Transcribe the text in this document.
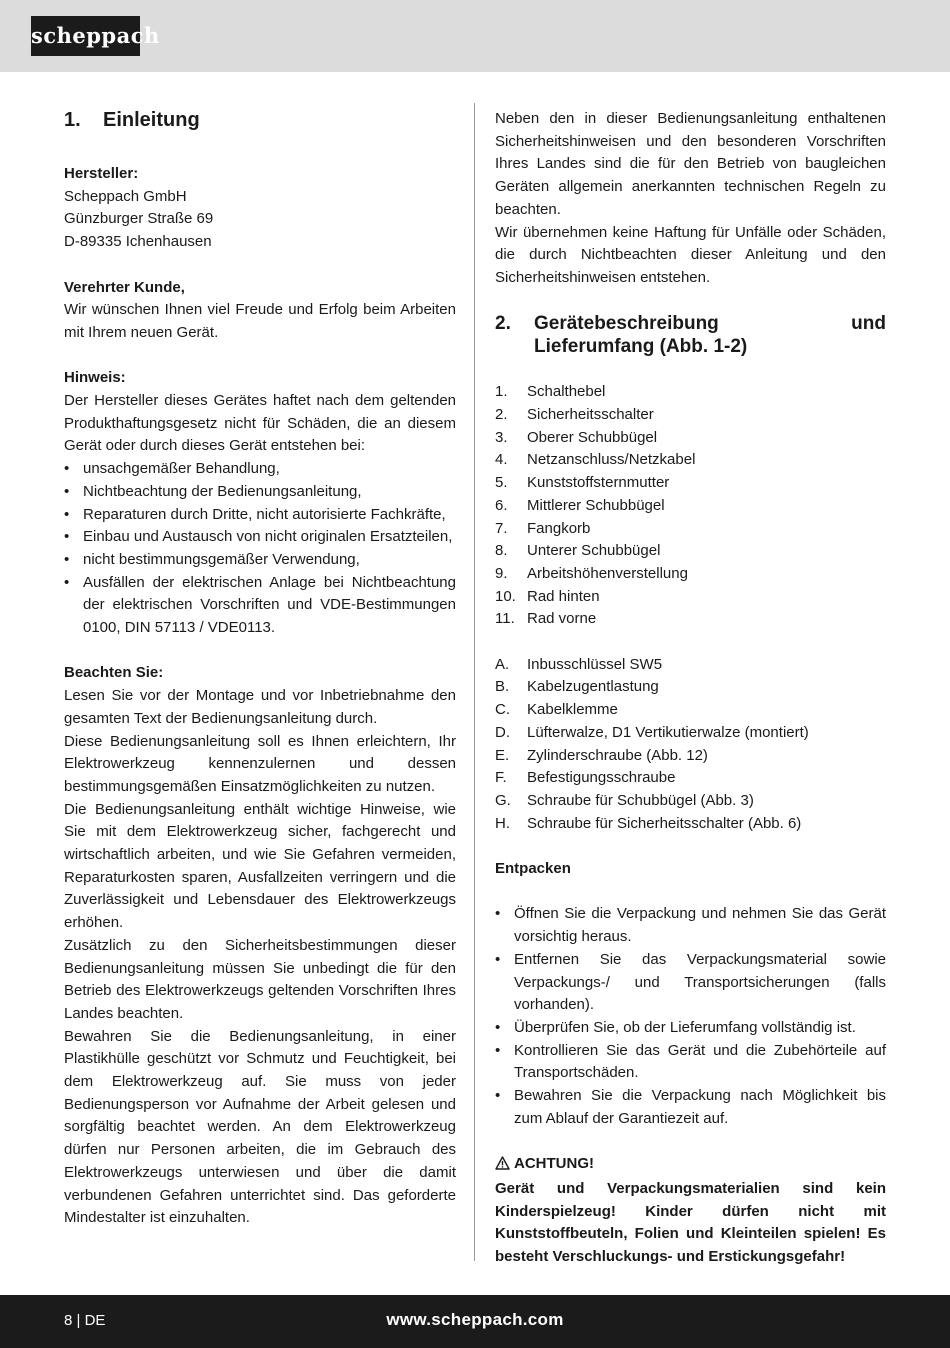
scheppach
1.	Einleitung

Hersteller:

Scheppach GmbH

Günzburger Straße 69

D-89335 Ichenhausen

Verehrter Kunde,

Wir wünschen Ihnen viel Freude und Erfolg beim Arbeiten mit Ihrem neuen Gerät.

Hinweis:

Der Hersteller dieses Gerätes haftet nach dem geltenden Produkthaftungsgesetz nicht für Schäden, die an diesem Gerät oder durch dieses Gerät entstehen bei:

• unsachgemäßer Behandlung,
• Nichtbeachtung der Bedienungsanleitung,
• Reparaturen durch Dritte, nicht autorisierte Fachkräfte,
• Einbau und Austausch von nicht originalen Ersatzteilen,
• nicht bestimmungsgemäßer Verwendung,
• Ausfällen der elektrischen Anlage bei Nichtbeachtung der elektrischen Vorschriften und VDE-Bestimmungen 0100, DIN 57113 / VDE0113.

Beachten Sie:

Lesen Sie vor der Montage und vor Inbetriebnahme den gesamten Text der Bedienungsanleitung durch.

Diese Bedienungsanleitung soll es Ihnen erleichtern, Ihr Elektrowerkzeug kennenzulernen und dessen bestimmungsgemäßen Einsatzmöglichkeiten zu nutzen.

Die Bedienungsanleitung enthält wichtige Hinweise, wie Sie mit dem Elektrowerkzeug sicher, fachgerecht und wirtschaftlich arbeiten, und wie Sie Gefahren vermeiden, Reparaturkosten sparen, Ausfallzeiten verringern und die Zuverlässigkeit und Lebensdauer des Elektrowerkzeugs erhöhen.

Zusätzlich zu den Sicherheitsbestimmungen dieser Bedienungsanleitung müssen Sie unbedingt die für den Betrieb des Elektrowerkzeugs geltenden Vorschriften Ihres Landes beachten.

Bewahren Sie die Bedienungsanleitung, in einer Plastikhülle geschützt vor Schmutz und Feuchtigkeit, bei dem Elektrowerkzeug auf. Sie muss von jeder Bedienungsperson vor Aufnahme der Arbeit gelesen und sorgfältig beachtet werden. An dem Elektrowerkzeug dürfen nur Personen arbeiten, die im Gebrauch des Elektrowerkzeugs unterwiesen und über die damit verbundenen Gefahren unterrichtet sind. Das geforderte Mindestalter ist einzuhalten.

Neben den in dieser Bedienungsanleitung enthaltenen Sicherheitshinweisen und den besonderen Vorschriften Ihres Landes sind die für den Betrieb von baugleichen Geräten allgemein anerkannten technischen Regeln zu beachten.

Wir übernehmen keine Haftung für Unfälle oder Schäden, die durch Nichtbeachten dieser Anleitung und den Sicherheitshinweisen entstehen.

2.	Gerätebeschreibung	und
Lieferumfang (Abb. 1-2)
1.	Schalthebel
2.	Sicherheitsschalter
3.	Oberer Schubbügel
4.	Netzanschluss/Netzkabel
5.	Kunststoffsternmutter
6.	Mittlerer Schubbügel
7.	Fangkorb
8.	Unterer Schubbügel
9.	Arbeitshöhenverstellung
10. Rad hinten
11. Rad vorne
A.	Inbusschlüssel SW5
B.	Kabelzugentlastung
C.	Kabelklemme
D.	Lüfterwalze, D1 Vertikutierwalze (montiert)
E.	Zylinderschraube (Abb. 12)
F.	Befestigungsschraube
G.	Schraube für Schubbügel (Abb. 3)
H.	Schraube für Sicherheitsschalter (Abb. 6)

Entpacken

• Öffnen Sie die Verpackung und nehmen Sie das Gerät vorsichtig heraus.
• Entfernen Sie das Verpackungsmaterial sowie Verpackungs-/ und Transportsicherungen (falls vorhanden).
• Überprüfen Sie, ob der Lieferumfang vollständig ist.
• Kontrollieren Sie das Gerät und die Zubehörteile auf Transportschäden.
• Bewahren Sie die Verpackung nach Möglichkeit bis zum Ablauf der Garantiezeit auf.

ACHTUNG!

Gerät und Verpackungsmaterialien sind kein Kinderspielzeug! Kinder dürfen nicht mit Kunststoffbeuteln, Folien und Kleinteilen spielen! Es besteht Verschluckungs- und Erstickungsgefahr!

8 | DE	www.scheppach.com
